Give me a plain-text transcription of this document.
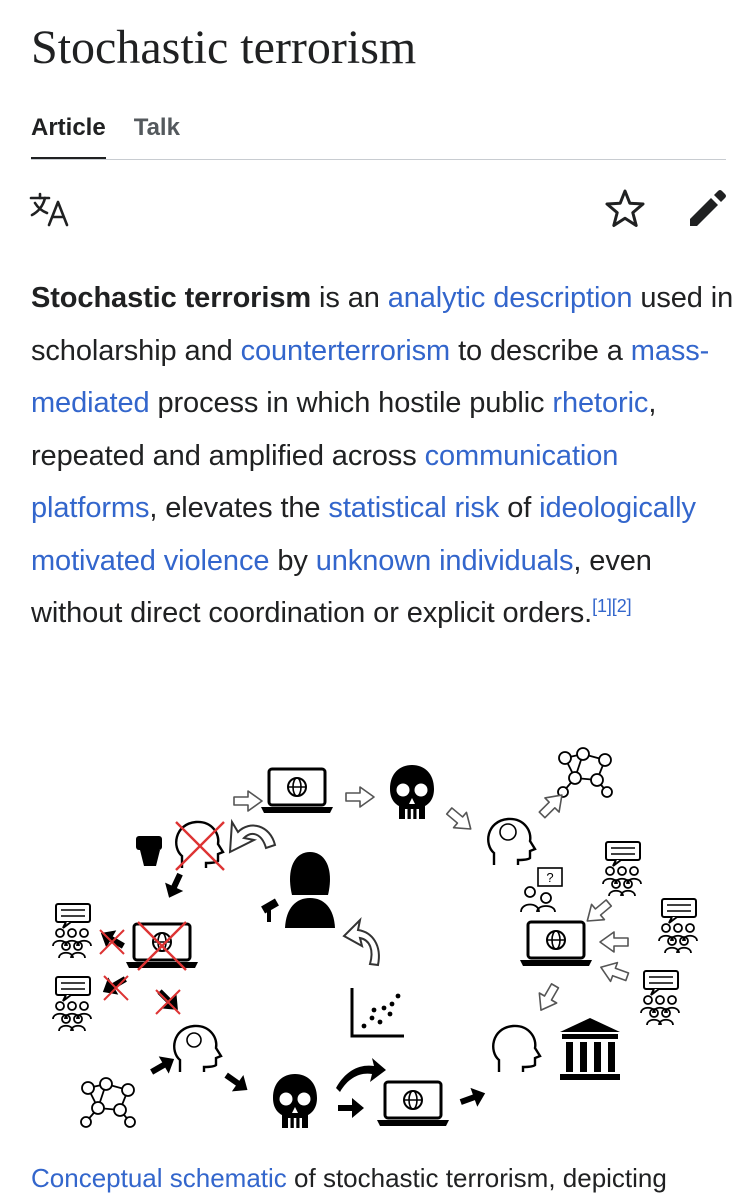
Stochastic terrorism
Article Talk

Stochastic terrorism is an analytic description used in scholarship and counterterrorism to describe a mass-mediated process in which hostile public rhetoric, repeated and amplified across communication platforms, elevates the statistical risk of ideologically motivated violence by unknown individuals, even without direct coordination or explicit orders.[1][2]

?

Conceptual schematic of stochastic terrorism, depicting
